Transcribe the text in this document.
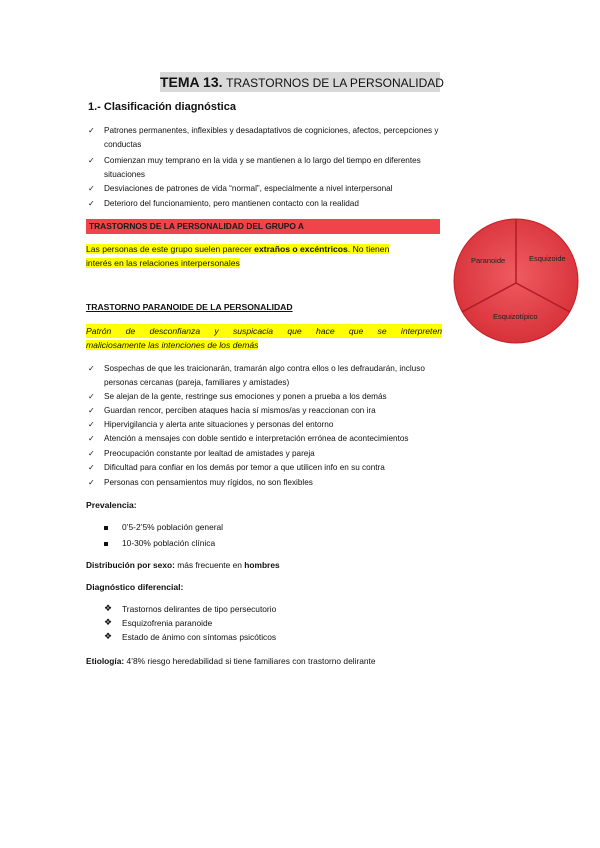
TEMA 13. TRASTORNOS DE LA PERSONALIDAD
1.- Clasificación diagnóstica
✓	Patrones permanentes, inflexibles y desadaptativos de cogniciones, afectos, percepciones y
conductas
✓	Comienzan muy temprano en la vida y se mantienen a lo largo del tiempo en diferentes
situaciones
✓	Desviaciones de patrones de vida “normal”, especialmente a nivel interpersonal
✓	Deterioro del funcionamiento, pero mantienen contacto con la realidad
TRASTORNOS DE LA PERSONALIDAD DEL GRUPO A
Las personas de este grupo suelen parecer extraños o excéntricos. No tienen
interés en las relaciones interpersonales	Paranoide	Esquizoide
Esquizotípico
TRASTORNO PARANOIDE DE LA PERSONALIDAD
Patrón de desconfianza y suspicacia que hace que se interpreten
maliciosamente las intenciones de los demás
✓	Sospechas de que les traicionarán, tramarán algo contra ellos o les defraudarán, incluso
personas cercanas (pareja, familiares y amistades)
✓	Se alejan de la gente, restringe sus emociones y ponen a prueba a los demás
✓	Guardan rencor, perciben ataques hacia sí mismos/as y reaccionan con ira
✓	Hipervigilancia y alerta ante situaciones y personas del entorno
✓	Atención a mensajes con doble sentido e interpretación errónea de acontecimientos
✓	Preocupación constante por lealtad de amistades y pareja
✓	Dificultad para confiar en los demás por temor a que utilicen info en su contra
✓	Personas con pensamientos muy rígidos, no son flexibles
Prevalencia:
0’5-2’5% población general
10-30% población clínica
Distribución por sexo: más frecuente en hombres
Diagnóstico diferencial:
❖ Trastornos delirantes de tipo persecutorio
❖ Esquizofrenia paranoide
❖ Estado de ánimo con síntomas psicóticos
Etiología: 4’8% riesgo heredabilidad si tiene familiares con trastorno delirante
